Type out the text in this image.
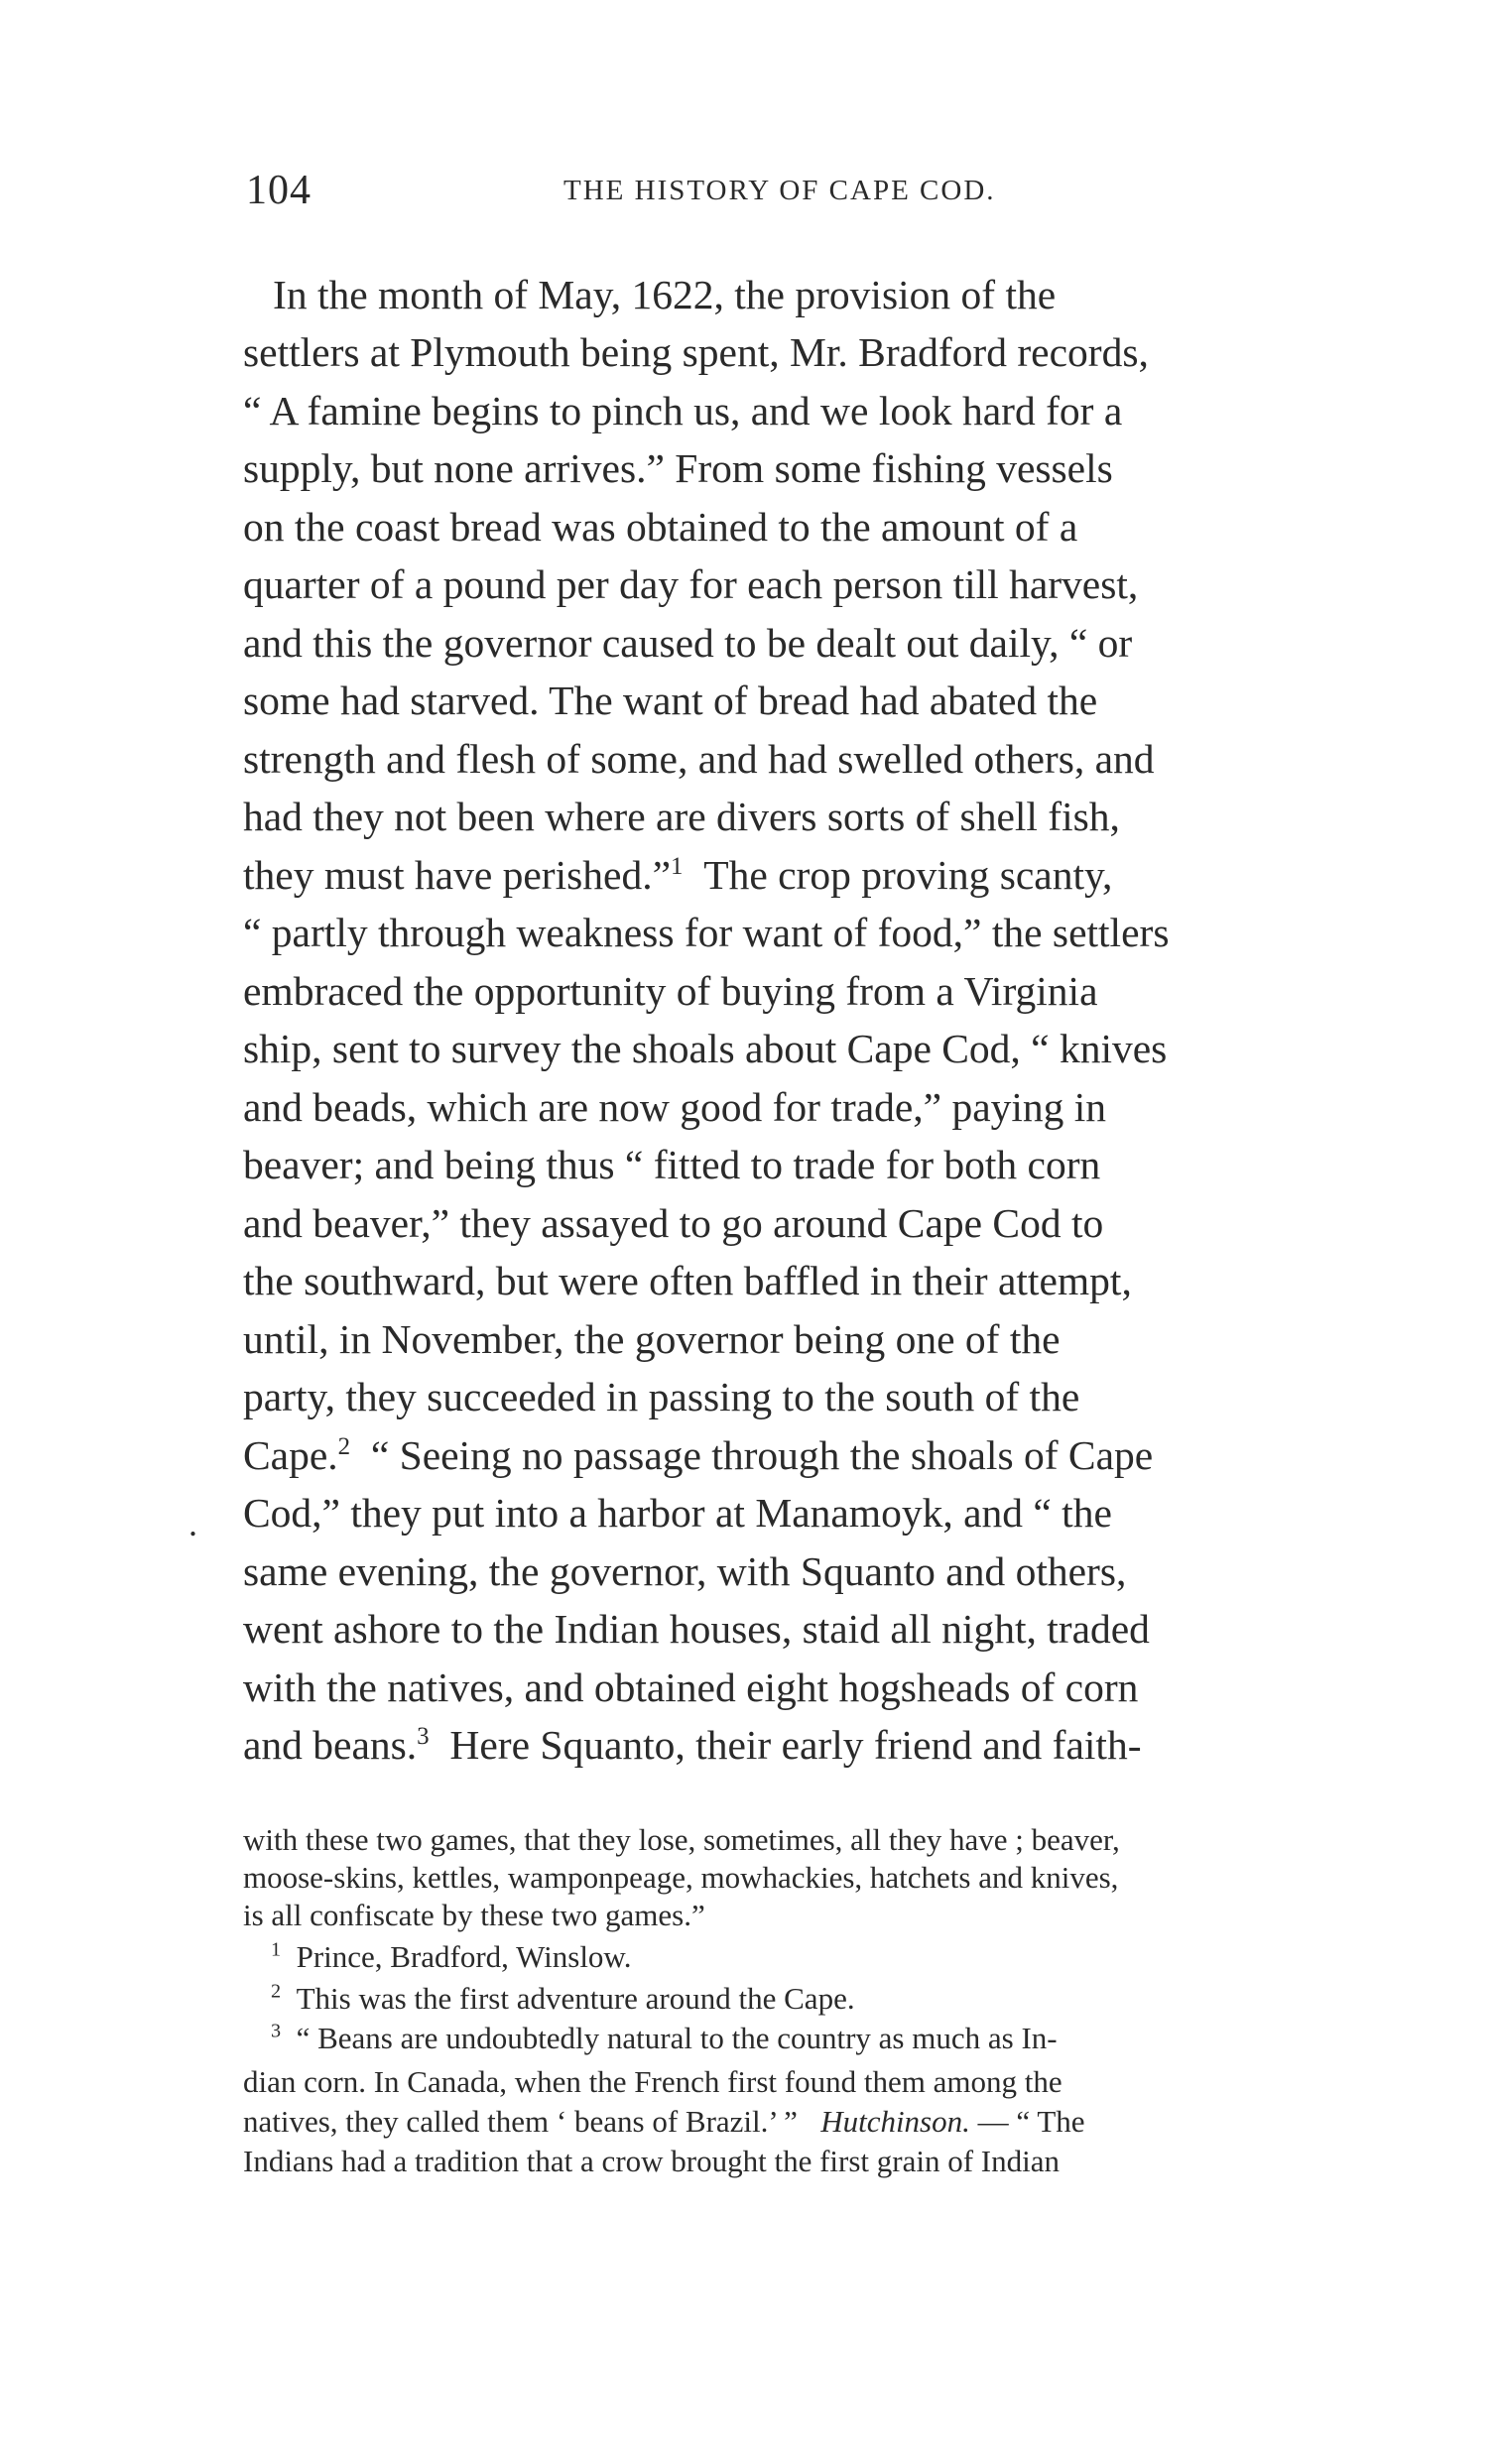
104	THE HISTORY OF CAPE COD.
.
In the month of May, 1622, the provision of the
settlers at Plymouth being spent, Mr. Bradford records,
“ A famine begins to pinch us, and we look hard for a
supply, but none arrives.” From some fishing vessels
on the coast bread was obtained to the amount of a
quarter of a pound per day for each person till harvest,
and this the governor caused to be dealt out daily, “ or
some had starved. The want of bread had abated the
strength and flesh of some, and had swelled others, and
had they not been where are divers sorts of shell fish,
they must have perished.”$^1$ The crop proving scanty,
“ partly through weakness for want of food,” the settlers
embraced the opportunity of buying from a Virginia
ship, sent to survey the shoals about Cape Cod, “ knives
and beads, which are now good for trade,” paying in
beaver; and being thus “ fitted to trade for both corn
and beaver,” they assayed to go around Cape Cod to
the southward, but were often baffled in their attempt,
until, in November, the governor being one of the
party, they succeeded in passing to the south of the
Cape.$^2$ “ Seeing no passage through the shoals of Cape
Cod,” they put into a harbor at Manamoyk, and “ the
same evening, the governor, with Squanto and others,
went ashore to the Indian houses, staid all night, traded
with the natives, and obtained eight hogsheads of corn
and beans.$^3$ Here Squanto, their early friend and faith-
with these two games, that they lose, sometimes, all they have ; beaver,
moose-skins, kettles, wamponpeage, mowhackies, hatchets and knives,
is all confiscate by these two games.”
$^1$ Prince, Bradford, Winslow.
$^2$ This was the first adventure around the Cape.
$^3$ “ Beans are undoubtedly natural to the country as much as In-
dian corn. In Canada, when the French first found them among the
natives, they called them ‘ beans of Brazil.’ ” Hutchinson. — “ The
Indians had a tradition that a crow brought the first grain of Indian
